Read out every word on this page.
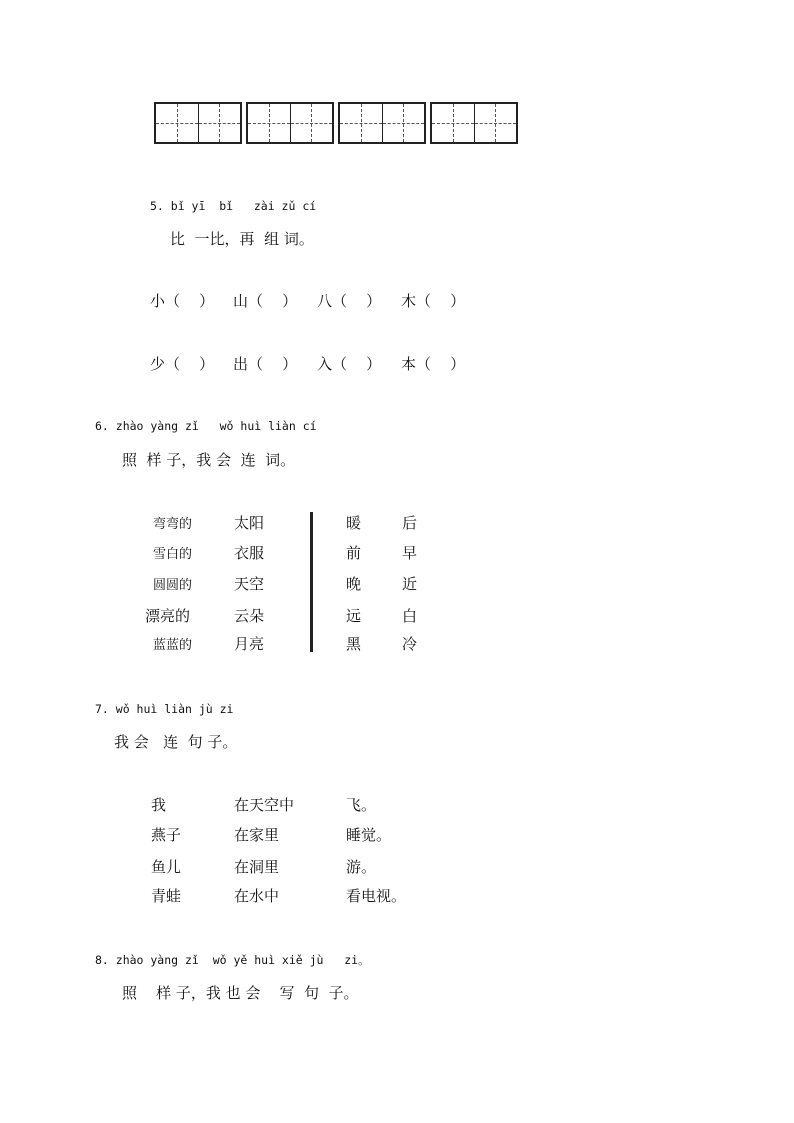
5. bǐ yī  bǐ   zài zǔ cí
比  一比，再  组 词。
小（    ） 山（    ） 八（    ） 木（    ）
少（    ） 出（    ） 入（    ） 本（    ）
6. zhào yàng zǐ   wǒ huì liàn cí
照  样 子，我 会  连  词。
弯弯的
雪白的
圆圆的
漂亮的
蓝蓝的
太阳
衣服
天空
云朵
月亮
暖
前
晚
远
黑
后
早
近
白
冷
7. wǒ huì liàn jù zi
我 会   连  句 子。
我
燕子
鱼儿
青蛙
在天空中
在家里
在洞里
在水中
飞。
睡觉。
游。
看电视。
8. zhào yàng zǐ  wǒ yě huì xiě jù   zi。
照    样 子，我 也 会    写  句  子。
